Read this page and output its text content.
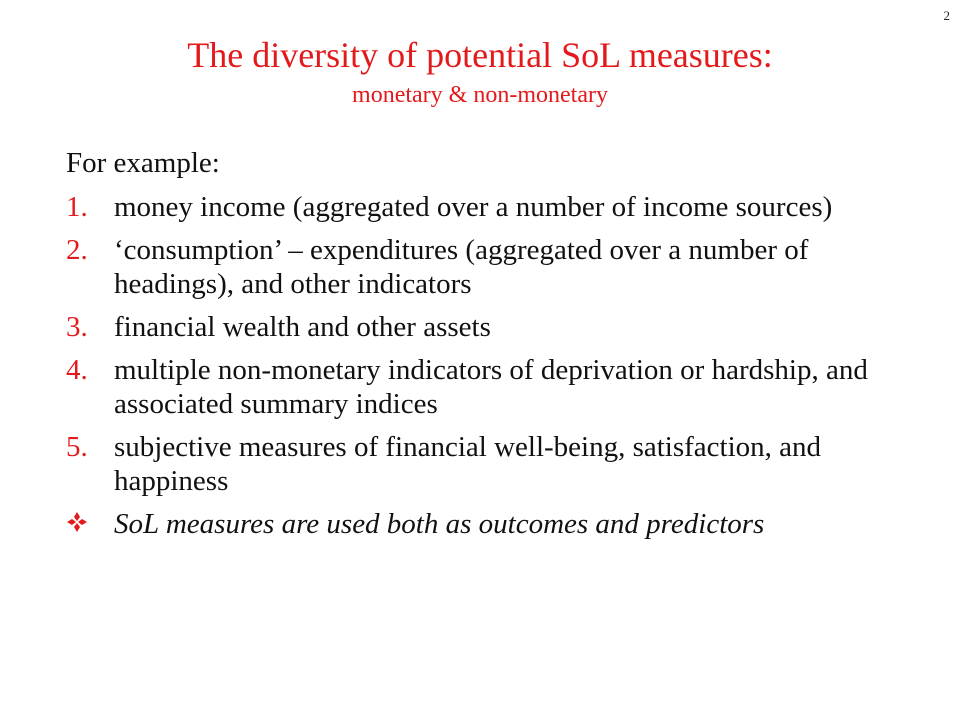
2
The diversity of potential SoL measures:
monetary & non-monetary
For example:
1. money income (aggregated over a number of income sources)
2. ‘consumption’ – expenditures (aggregated over a number of headings), and other indicators
3. financial wealth and other assets
4. multiple non-monetary indicators of deprivation or hardship, and associated summary indices
5. subjective measures of financial well-being, satisfaction, and happiness
SoL measures are used both as outcomes and predictors
